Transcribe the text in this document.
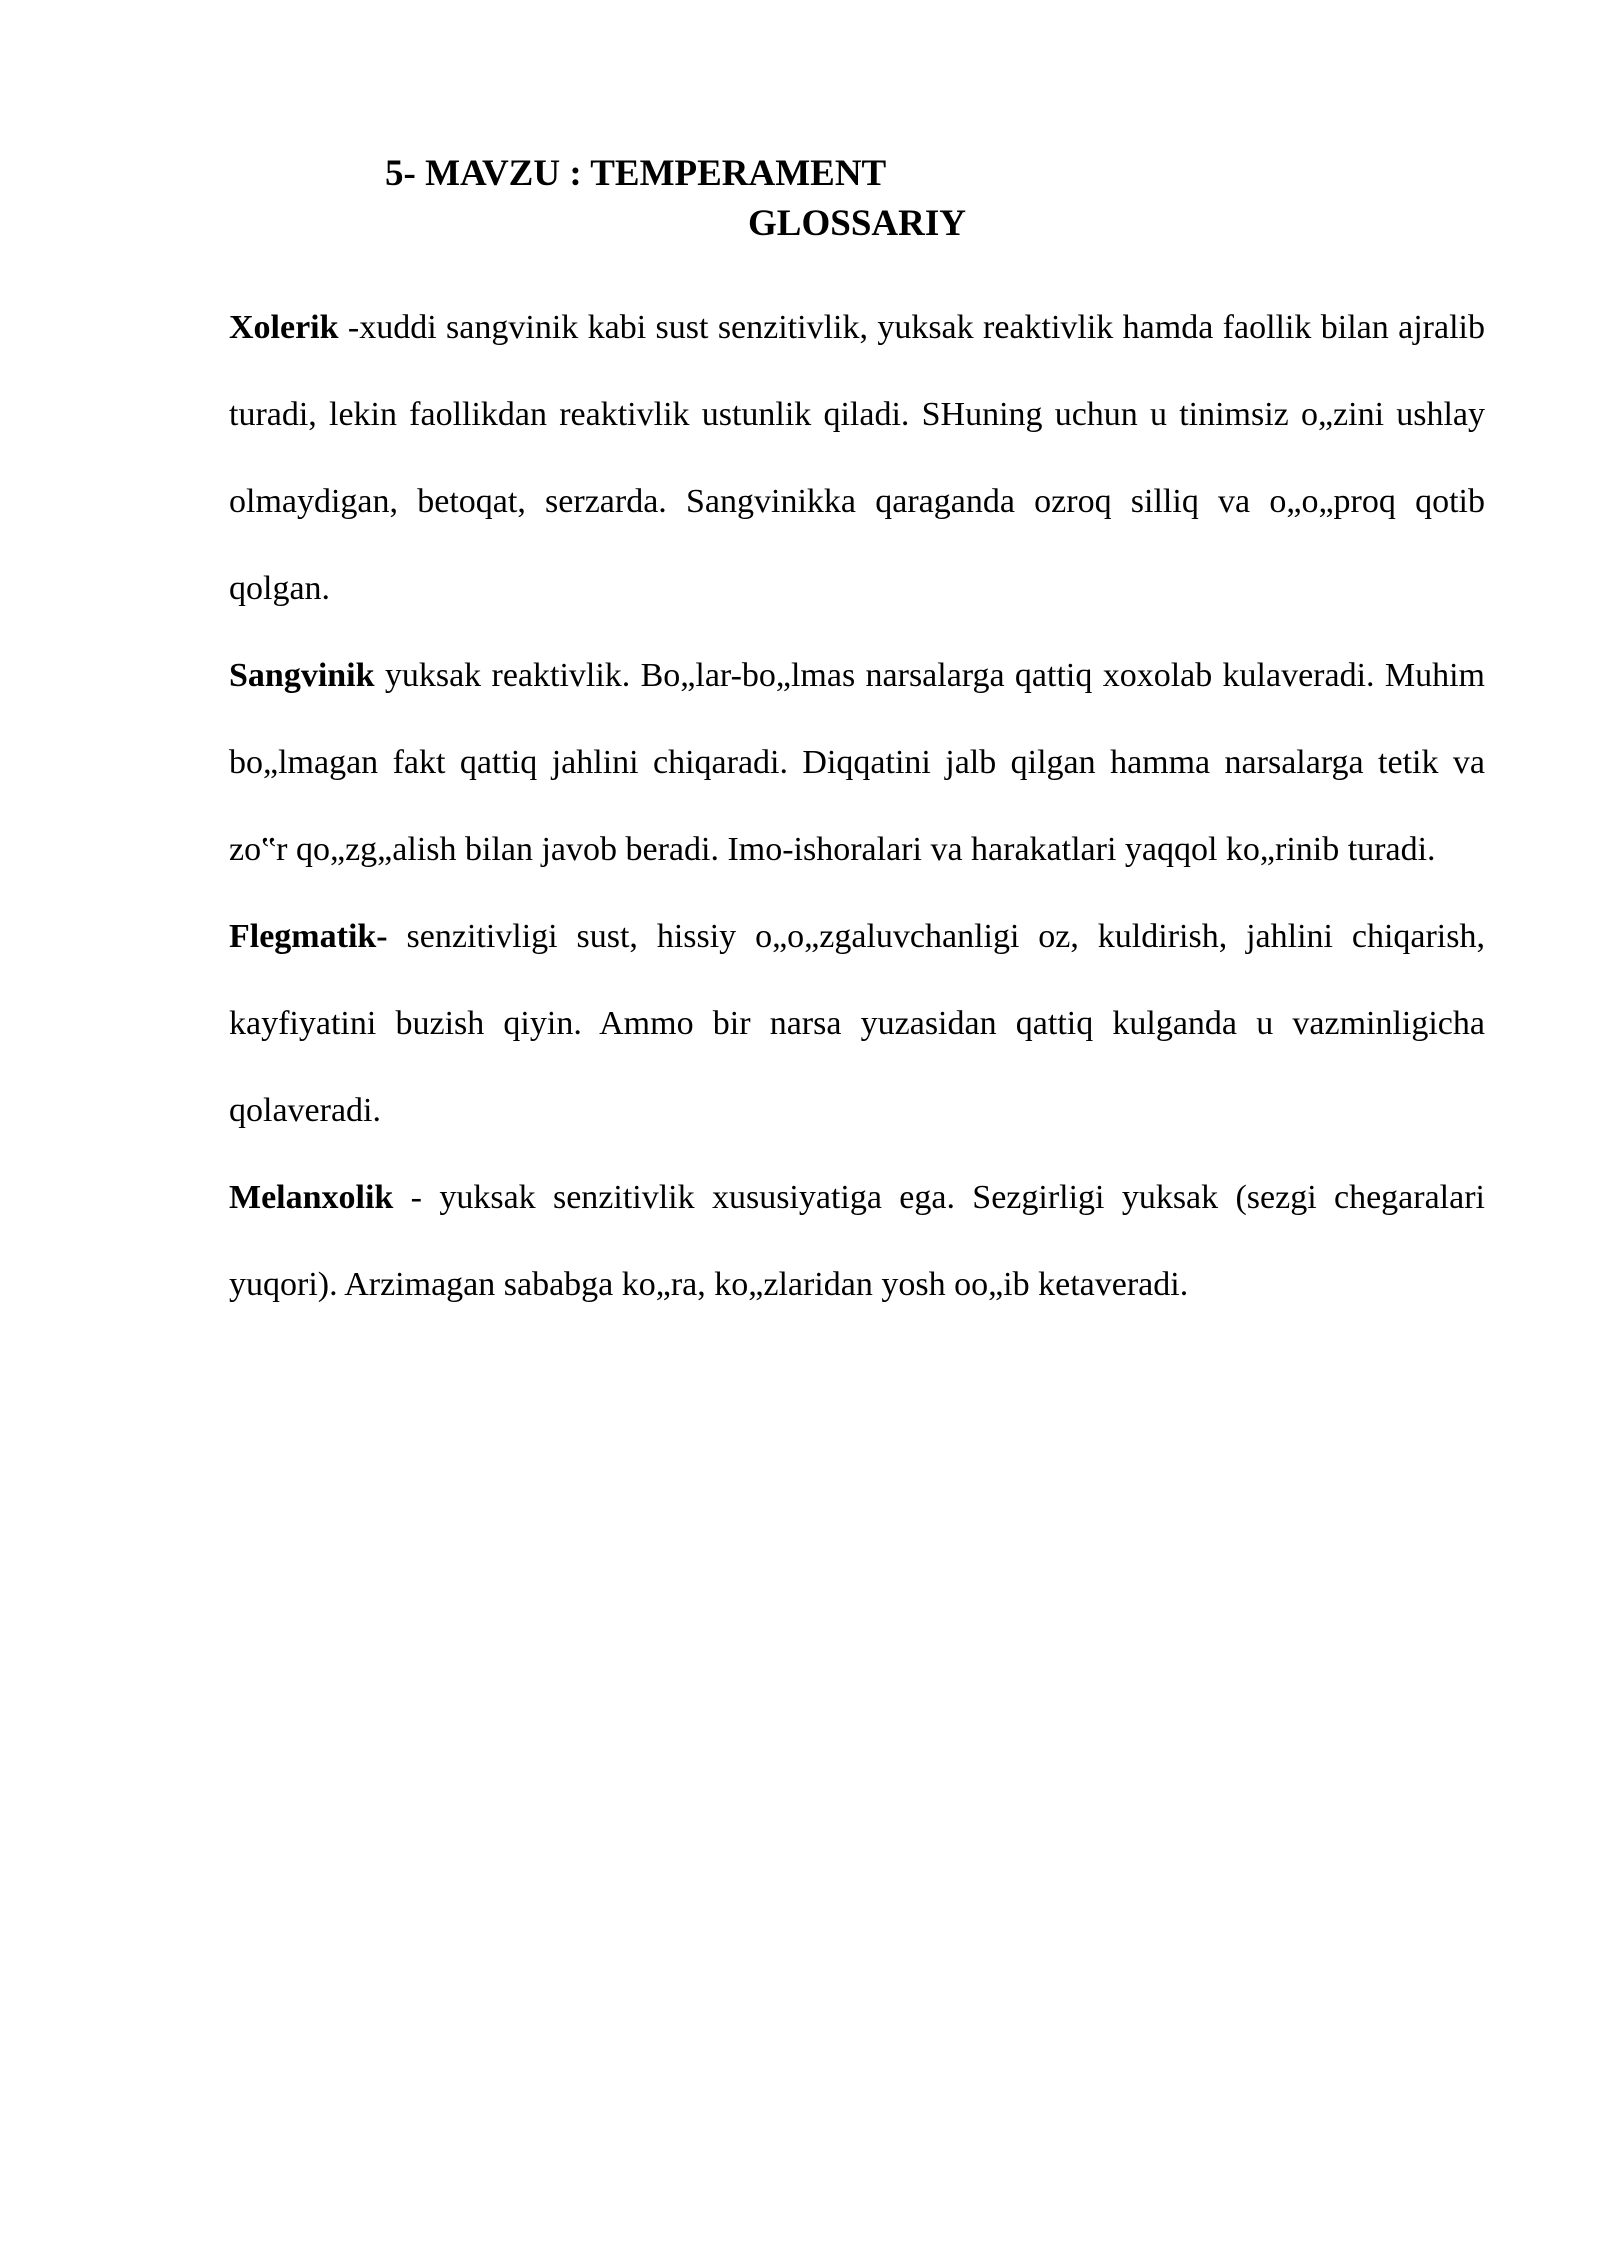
5- MAVZU : TEMPERAMENT
GLOSSARIY

Xolerik -xuddi sangvinik kabi sust senzitivlik, yuksak reaktivlik hamda faollik bilan ajralib turadi, lekin faollikdan reaktivlik ustunlik qiladi. SHuning uchun u tinimsiz o„zini ushlay olmaydigan, betoqat, serzarda. Sangvinikka qaraganda ozroq silliq va o„o„proq qotib qolgan.

Sangvinik yuksak reaktivlik. Bo„lar-bo„lmas narsalarga qattiq xoxolab kulaveradi. Muhim bo„lmagan fakt qattiq jahlini chiqaradi. Diqqatini jalb qilgan hamma narsalarga tetik va zo‟r qo„zg„alish bilan javob beradi. Imo-ishoralari va harakatlari yaqqol ko„rinib turadi.

Flegmatik- senzitivligi sust, hissiy o„o„zgaluvchanligi oz, kuldirish, jahlini chiqarish, kayfiyatini buzish qiyin. Ammo bir narsa yuzasidan qattiq kulganda u vazminligicha qolaveradi.

Melanxolik - yuksak senzitivlik xususiyatiga ega. Sezgirligi yuksak (sezgi chegaralari yuqori). Arzimagan sababga ko„ra, ko„zlaridan yosh oo„ib ketaveradi.
